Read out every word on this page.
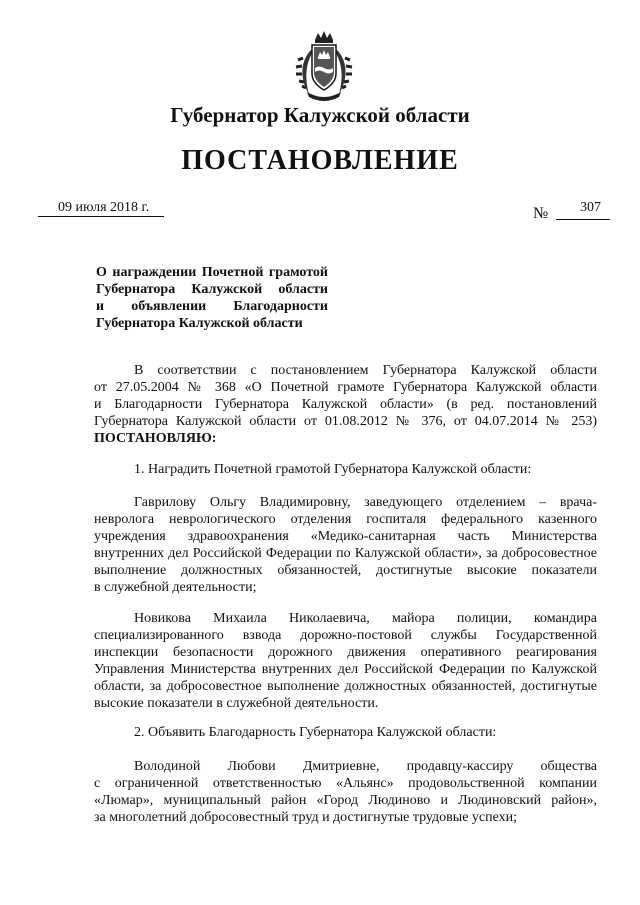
Губернатор Калужской области
ПОСТАНОВЛЕНИЕ
09 июля 2018 г.	№ 307
О награждении Почетной грамотой
Губернатора Калужской области
и объявлении Благодарности
Губернатора Калужской области
В соответствии с постановлением Губернатора Калужской области
от 27.05.2004 № 368 «О Почетной грамоте Губернатора Калужской области
и Благодарности Губернатора Калужской области» (в ред. постановлений
Губернатора Калужской области от 01.08.2012 № 376, от 04.07.2014 № 253)
ПОСТАНОВЛЯЮ:
1. Наградить Почетной грамотой Губернатора Калужской области:
Гаврилову Ольгу Владимировну, заведующего отделением – врача-
невролога неврологического отделения госпиталя федерального казенного
учреждения здравоохранения «Медико-санитарная часть Министерства
внутренних дел Российской Федерации по Калужской области», за добросовестное
выполнение должностных обязанностей, достигнутые высокие показатели
в служебной деятельности;
Новикова Михаила Николаевича, майора полиции, командира
специализированного взвода дорожно-постовой службы Государственной
инспекции безопасности дорожного движения оперативного реагирования
Управления Министерства внутренних дел Российской Федерации по Калужской
области, за добросовестное выполнение должностных обязанностей, достигнутые
высокие показатели в служебной деятельности.
2. Объявить Благодарность Губернатора Калужской области:
Володиной Любови Дмитриевне, продавцу-кассиру общества
с ограниченной ответственностью «Альянс» продовольственной компании
«Люмар», муниципальный район «Город Людиново и Людиновский район»,
за многолетний добросовестный труд и достигнутые трудовые успехи;
